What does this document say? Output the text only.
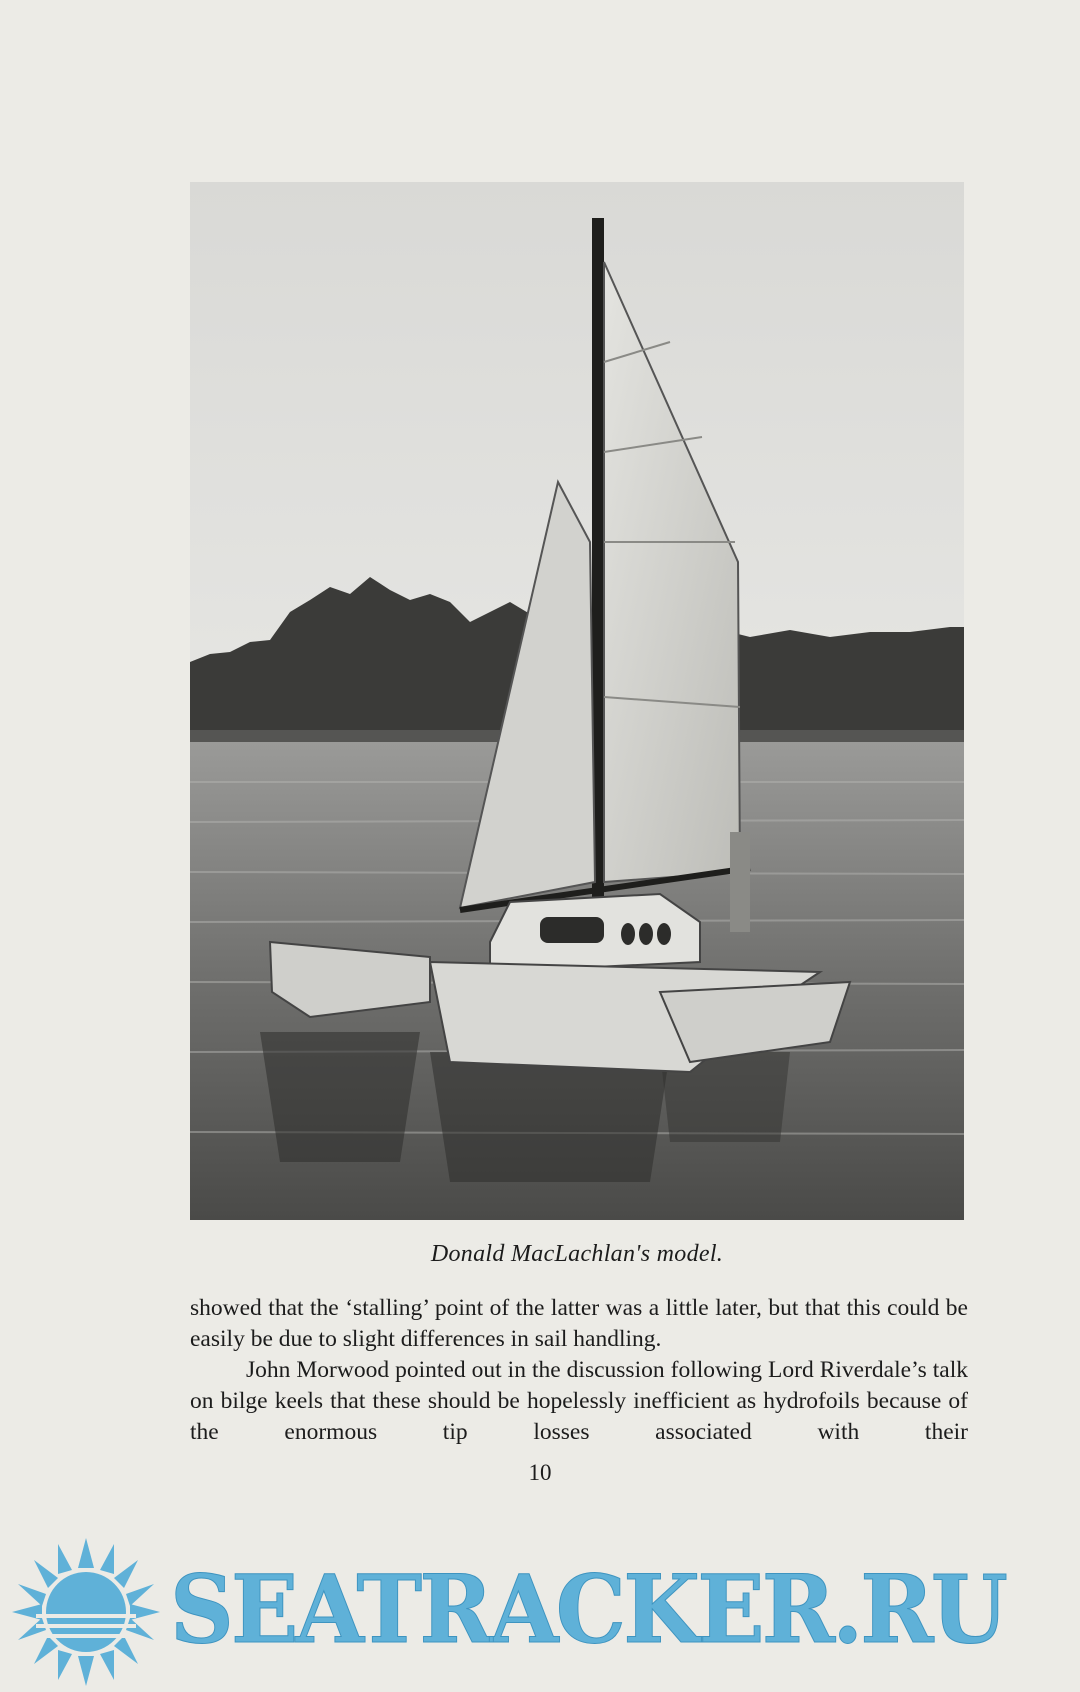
Donald MacLachlan's model.

showed that the ‘stalling’ point of the latter was a little later, but that this could be easily be due to slight differences in sail handling.

John Morwood pointed out in the discussion following Lord Riverdale’s talk on bilge keels that these should be hopelessly inefficient as hydrofoils because of the enormous tip losses associated with their

10
SEATRACKER.RU
